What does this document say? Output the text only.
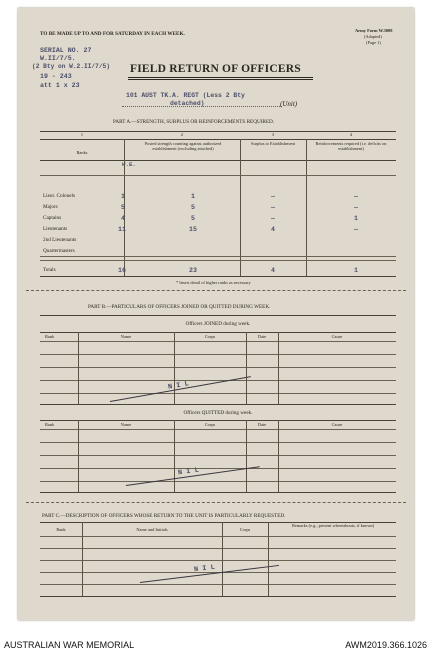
TO BE MADE UP TO AND FOR SATURDAY IN EACH WEEK.
Army Form W.3008
(Adapted)
(Page 1)
SERIAL NO. 27
W.II/7/5.
(2 Bty on W.2.II/7/5)
19 - 243
att 1 x 23
FIELD RETURN OF OFFICERS
101 AUST TK.A. REGT (Less 2 Bty
detached)	(Unit)
PART A.—STRENGTH, SURPLUS OR REINFORCEMENTS REQUIRED.
1	2	3	4
Ranks
Posted strength counting against authorized establishment (excluding attached)
Surplus to Establishment	Reinforcements required (i.e. deficits on establishment)
W.E.
Lieut. Colonels	1	1	—	—
Majors	5	5	—	—
Captains	4	5	—	1
Lieutenants	11	15	4	—
2nd Lieutenants
Quartermasters
Totals	16	23	4	1
* Insert detail of higher ranks as necessary
PART B.—PARTICULARS OF OFFICERS JOINED OR QUITTED DURING WEEK.
Officers JOINED during week.
Rank	Name	Corps	Date	Cause
N I L
Officers QUITTED during week.
Rank	Name	Corps	Date	Cause
N I L
PART C.—DESCRIPTION OF OFFICERS WHOSE RETURN TO THE UNIT IS PARTICULARLY REQUESTED.
Rank	Name and Initials	Corps
Remarks (e.g., present whereabouts, if known)
N I L
AUSTRALIAN WAR MEMORIAL	AWM2019.366.1026
